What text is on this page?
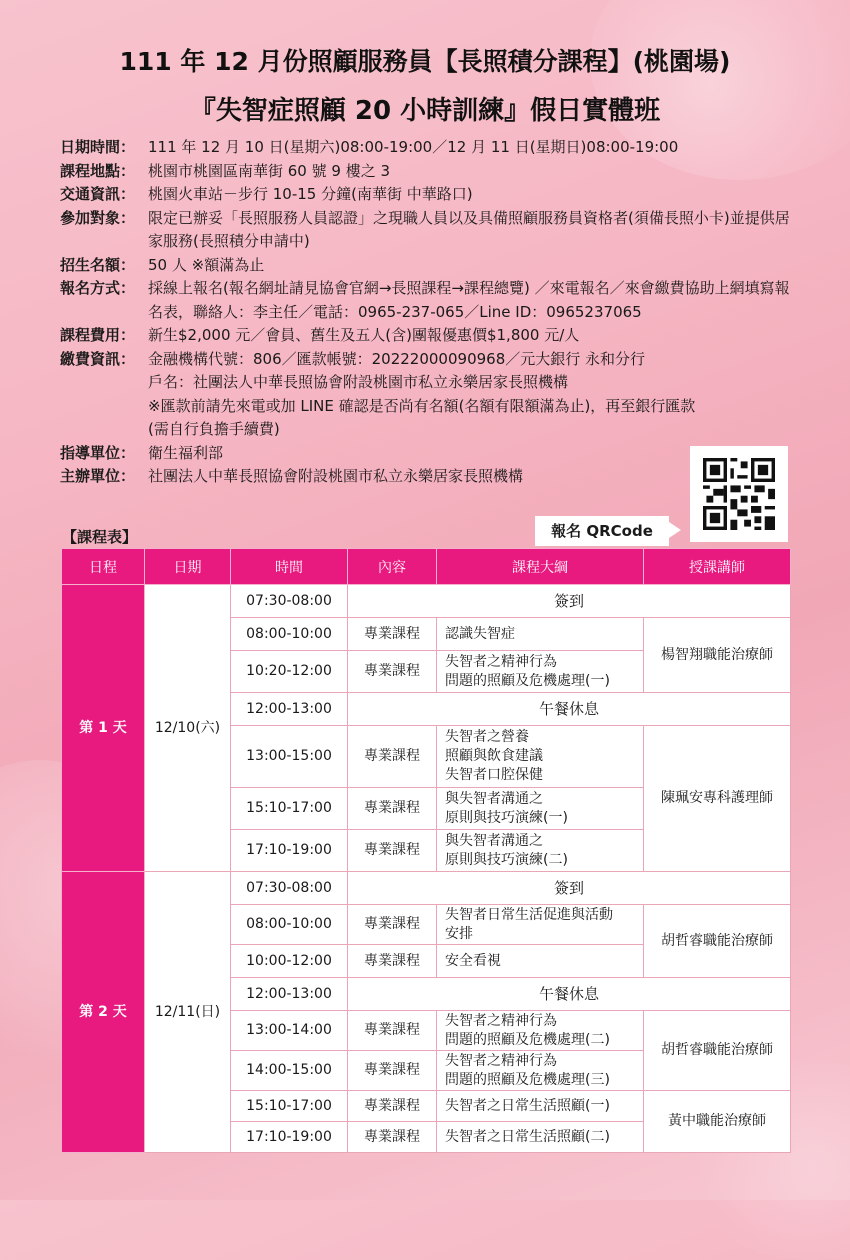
111 年 12 月份照顧服務員【長照積分課程】(桃園場)
『失智症照顧 20 小時訓練』假日實體班
日期時間： 111 年 12 月 10 日(星期六)08:00-19:00／12 月 11 日(星期日)08:00-19:00

課程地點： 桃園市桃園區南華街 60 號 9 樓之 3

交通資訊： 桃園火車站－步行 10-15 分鐘(南華街 中華路口)

參加對象： 限定已辦妥「長照服務人員認證」之現職人員以及具備照顧服務員資格者(須備長照小卡)並提供居家服務(長照積分申請中)

招生名額： 50 人 ※額滿為止

報名方式： 採線上報名(報名網址請見協會官網→長照課程→課程總覽) ／來電報名／來會繳費協助上網填寫報名表，聯絡人：李主任／電話：0965-237-065／Line ID：0965237065

課程費用： 新生$2,000 元／會員、舊生及五人(含)團報優惠價$1,800 元/人

繳費資訊： 金融機構代號：806／匯款帳號：20222000090968／元大銀行 永和分行

戶名：社團法人中華長照協會附設桃園市私立永樂居家長照機構

※匯款前請先來電或加 LINE 確認是否尚有名額(名額有限額滿為止)，再至銀行匯款(需自行負擔手續費)

指導單位： 衛生福利部

主辦單位： 社團法人中華長照協會附設桃園市私立永樂居家長照機構

報名 QRCode
【課程表】
日程	日期	時間	內容	課程大綱	授課講師
第 1 天	12/10(六)	07:30-08:00	簽到		
		08:00-10:00	專業課程	認識失智症	楊智翔職能治療師
		10:20-12:00	專業課程	失智者之精神行為
問題的照顧及危機處理(一)	
		12:00-13:00	午餐休息		
		13:00-15:00	專業課程	失智者之營養
照顧與飲食建議
失智者口腔保健	陳珮安專科護理師
		15:10-17:00	專業課程	與失智者溝通之
原則與技巧演練(一)	
		17:10-19:00	專業課程	與失智者溝通之
原則與技巧演練(二)	
第 2 天	12/11(日)	07:30-08:00	簽到		
		08:00-10:00	專業課程	失智者日常生活促進與活動
安排	胡哲睿職能治療師
		10:00-12:00	專業課程	安全看視	
		12:00-13:00	午餐休息		
		13:00-14:00	專業課程	失智者之精神行為
問題的照顧及危機處理(二)	胡哲睿職能治療師
		14:00-15:00	專業課程	失智者之精神行為
問題的照顧及危機處理(三)	
		15:10-17:00	專業課程	失智者之日常生活照顧(一)	黃中職能治療師
		17:10-19:00	專業課程	失智者之日常生活照顧(二)	
